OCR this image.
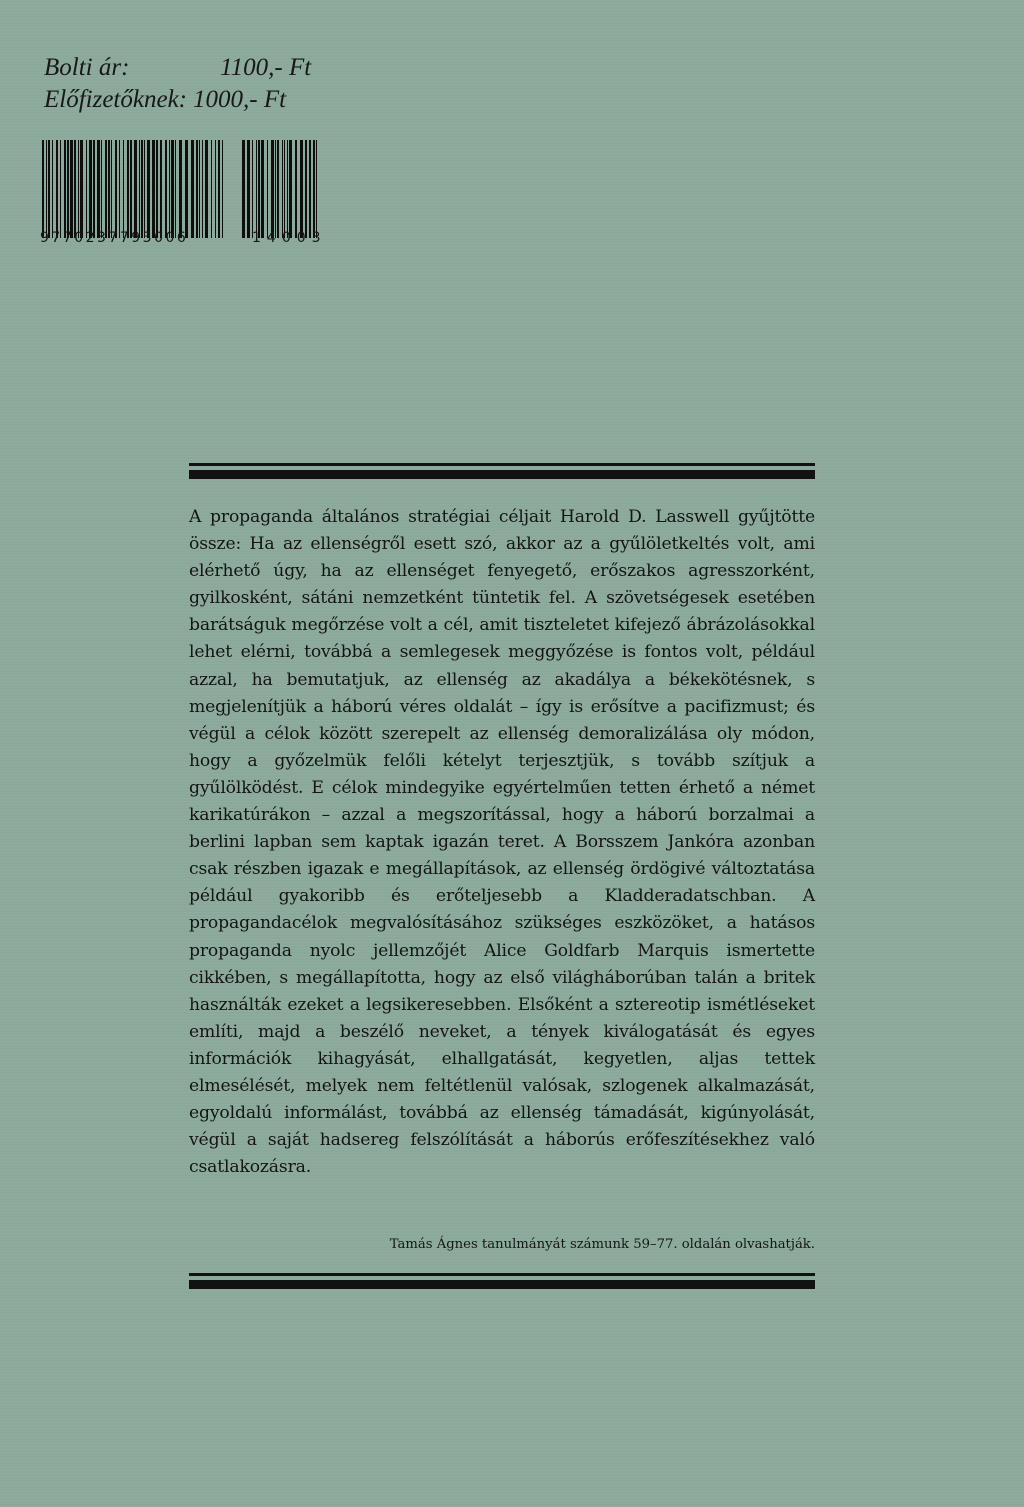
Bolti ár:	1100,- Ft
Előfizetőknek: 1000,- Ft
9770237793006	14003
A propaganda általános stratégiai céljait Harold D. Lasswell gyűjtötte össze: Ha az ellenségről esett szó, akkor az a gyűlöletkeltés volt, ami elérhető úgy, ha az ellenséget fenyegető, erőszakos agresszorként, gyilkosként, sátáni nemzetként tüntetik fel. A szövetségesek esetében barátságuk megőrzése volt a cél, amit tiszteletet kifejező ábrázolásokkal lehet elérni, továbbá a semlegesek meggyőzése is fontos volt, például azzal, ha bemutatjuk, az ellenség az akadálya a békekötésnek, s megjelenítjük a háború véres oldalát – így is erősítve a pacifizmust; és végül a célok között szerepelt az ellenség demoralizálása oly módon, hogy a győzelmük felőli kételyt terjesztjük, s tovább szítjuk a gyűlölködést. E célok mindegyike egyértelműen tetten érhető a német karikatúrákon – azzal a megszorítással, hogy a háború borzalmai a berlini lapban sem kaptak igazán teret. A Borsszem Jankóra azonban csak részben igazak e megállapítások, az ellenség ördögivé változtatása például gyakoribb és erőteljesebb a Kladderadatschban. A propagandacélok megvalósításához szükséges eszközöket, a hatásos propaganda nyolc jellemzőjét Alice Goldfarb Marquis ismertette cikkében, s megállapította, hogy az első világháborúban talán a britek használták ezeket a legsikeresebben. Elsőként a sztereotip ismétléseket említi, majd a beszélő neveket, a tények kiválogatását és egyes információk kihagyását, elhallgatását, kegyetlen, aljas tettek elmesélését, melyek nem feltétlenül valósak, szlogenek alkalmazását, egyoldalú informálást, továbbá az ellenség támadását, kigúnyolását, végül a saját hadsereg felszólítását a háborús erőfeszítésekhez való csatlakozásra.
Tamás Ágnes tanulmányát számunk 59–77. oldalán olvashatják.
